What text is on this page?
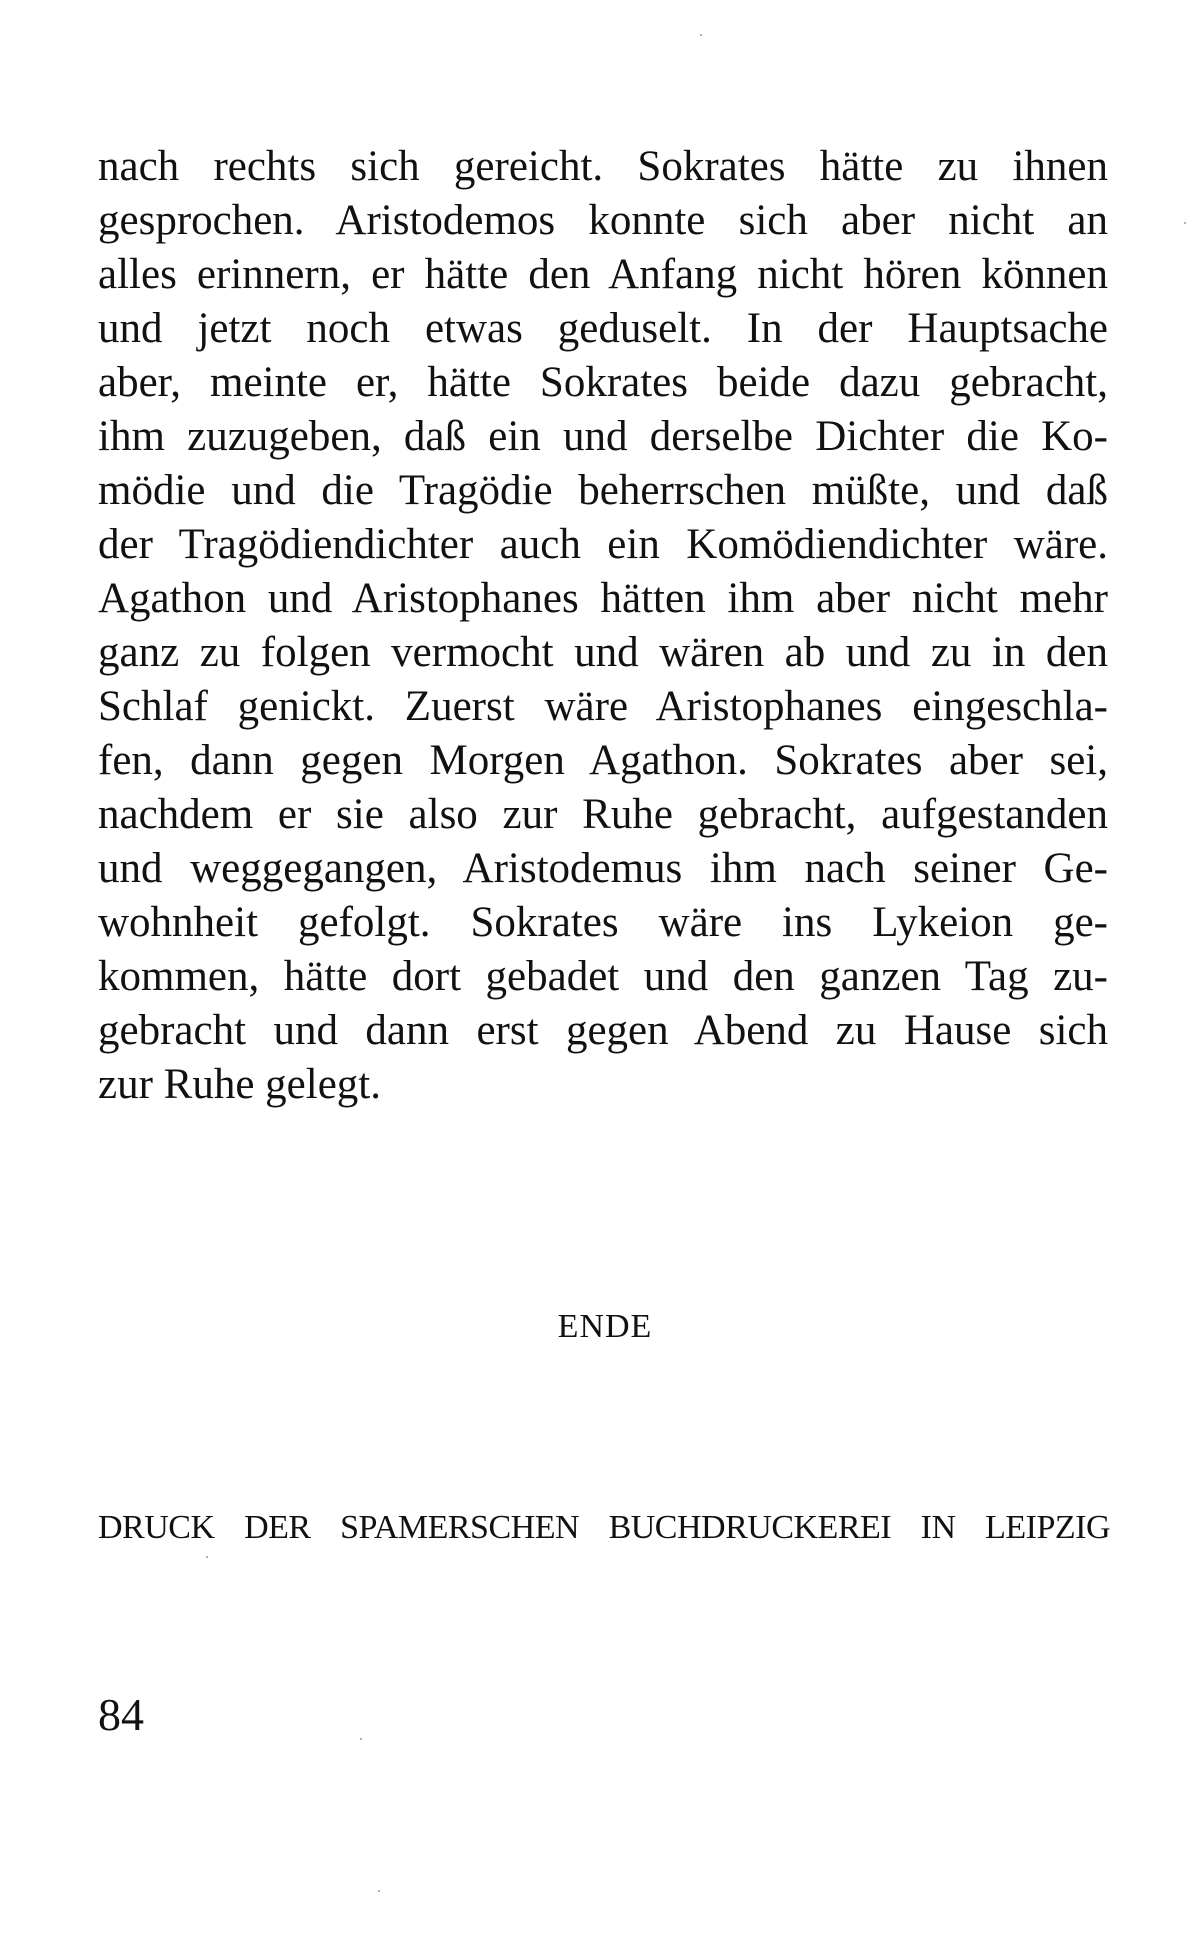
nach rechts sich gereicht. Sokrates hätte zu ihnen
gesprochen. Aristodemos konnte sich aber nicht an
alles erinnern, er hätte den Anfang nicht hören können
und jetzt noch etwas geduselt. In der Hauptsache
aber, meinte er, hätte Sokrates beide dazu gebracht,
ihm zuzugeben, daß ein und derselbe Dichter die Ko-
mödie und die Tragödie beherrschen müßte, und daß
der Tragödiendichter auch ein Komödiendichter wäre.
Agathon und Aristophanes hätten ihm aber nicht mehr
ganz zu folgen vermocht und wären ab und zu in den
Schlaf genickt. Zuerst wäre Aristophanes eingeschla-
fen, dann gegen Morgen Agathon. Sokrates aber sei,
nachdem er sie also zur Ruhe gebracht, aufgestanden
und weggegangen, Aristodemus ihm nach seiner Ge-
wohnheit gefolgt. Sokrates wäre ins Lykeion ge-
kommen, hätte dort gebadet und den ganzen Tag zu-
gebracht und dann erst gegen Abend zu Hause sich
zur Ruhe gelegt.
ENDE
DRUCK DER SPAMERSCHEN BUCHDRUCKEREI IN LEIPZIG
84
